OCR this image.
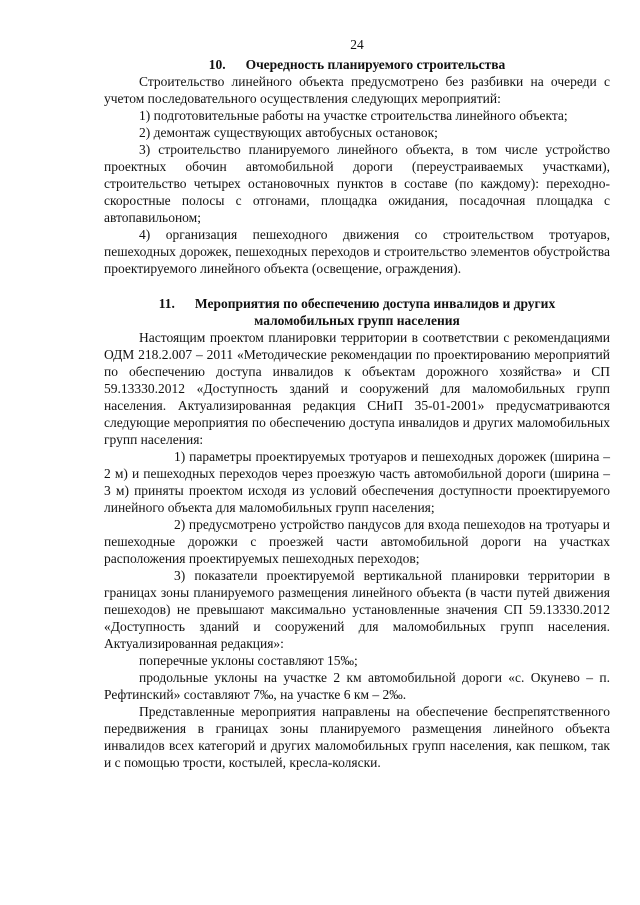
24
10. Очередность планируемого строительства

Строительство линейного объекта предусмотрено без разбивки на очереди с учетом последовательного осуществления следующих мероприятий:

1) подготовительные работы на участке строительства линейного объекта;

2) демонтаж существующих автобусных остановок;

3) строительство планируемого линейного объекта, в том числе устройство проектных обочин автомобильной дороги (переустраиваемых участками), строительство четырех остановочных пунктов в составе (по каждому): переходно-скоростные полосы с отгонами, площадка ожидания, посадочная площадка с автопавильоном;

4) организация пешеходного движения со строительством тротуаров, пешеходных дорожек, пешеходных переходов и строительство элементов обустройства проектируемого линейного объекта (освещение, ограждения).

11. Мероприятия по обеспечению доступа инвалидов и других
маломобильных групп населения

Настоящим проектом планировки территории в соответствии с рекомендациями ОДМ 218.2.007 – 2011 «Методические рекомендации по проектированию мероприятий по обеспечению доступа инвалидов к объектам дорожного хозяйства» и СП 59.13330.2012 «Доступность зданий и сооружений для маломобильных групп населения. Актуализированная редакция СНиП 35-01-2001» предусматриваются следующие мероприятия по обеспечению доступа инвалидов и других маломобильных групп населения:

1) параметры проектируемых тротуаров и пешеходных дорожек (ширина – 2 м) и пешеходных переходов через проезжую часть автомобильной дороги (ширина – 3 м) приняты проектом исходя из условий обеспечения доступности проектируемого линейного объекта для маломобильных групп населения;

2) предусмотрено устройство пандусов для входа пешеходов на тротуары и пешеходные дорожки с проезжей части автомобильной дороги на участках расположения проектируемых пешеходных переходов;

3) показатели проектируемой вертикальной планировки территории в границах зоны планируемого размещения линейного объекта (в части путей движения пешеходов) не превышают максимально установленные значения СП 59.13330.2012 «Доступность зданий и сооружений для маломобильных групп населения. Актуализированная редакция»:

поперечные уклоны составляют 15‰;

продольные уклоны на участке 2 км автомобильной дороги «с. Окунево – п. Рефтинский» составляют 7‰, на участке 6 км – 2‰.

Представленные мероприятия направлены на обеспечение беспрепятственного передвижения в границах зоны планируемого размещения линейного объекта инвалидов всех категорий и других маломобильных групп населения, как пешком, так и с помощью трости, костылей, кресла-коляски.
